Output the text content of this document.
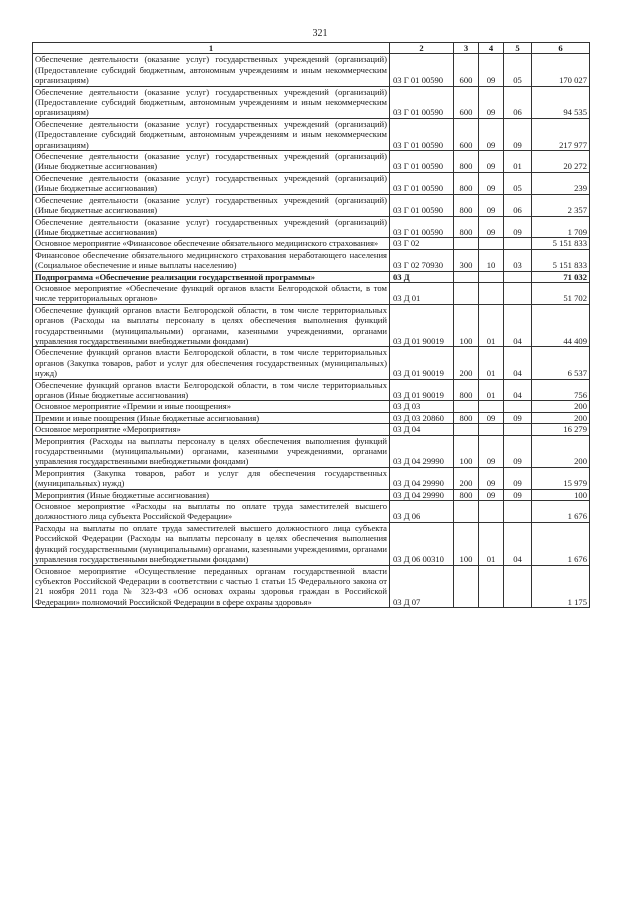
321
1	2	3	4	5	6
Обеспечение деятельности (оказание услуг) государственных учреждений (организаций) (Предоставление субсидий бюджетным, автономным учреждениям и иным некоммерческим организациям)	03 Г 01 00590	600	09	05	170 027
Обеспечение деятельности (оказание услуг) государственных учреждений (организаций) (Предоставление субсидий бюджетным, автономным учреждениям и иным некоммерческим организациям)	03 Г 01 00590	600	09	06	94 535
Обеспечение деятельности (оказание услуг) государственных учреждений (организаций) (Предоставление субсидий бюджетным, автономным учреждениям и иным некоммерческим организациям)	03 Г 01 00590	600	09	09	217 977
Обеспечение деятельности (оказание услуг) государственных учреждений (организаций) (Иные бюджетные ассигнования)	03 Г 01 00590	800	09	01	20 272
Обеспечение деятельности (оказание услуг) государственных учреждений (организаций) (Иные бюджетные ассигнования)	03 Г 01 00590	800	09	05	239
Обеспечение деятельности (оказание услуг) государственных учреждений (организаций) (Иные бюджетные ассигнования)	03 Г 01 00590	800	09	06	2 357
Обеспечение деятельности (оказание услуг) государственных учреждений (организаций) (Иные бюджетные ассигнования)	03 Г 01 00590	800	09	09	1 709
Основное мероприятие «Финансовое обеспечение обязательного медицинского страхования»	03 Г 02				5 151 833
Финансовое обеспечение обязательного медицинского страхования неработающего населения (Социальное обеспечение и иные выплаты населению)	03 Г 02 70930	300	10	03	5 151 833
Подпрограмма «Обеспечение реализации государственной программы»	03 Д				71 032
Основное мероприятие «Обеспечение функций органов власти Белгородской области, в том числе территориальных органов»	03 Д 01				51 702
Обеспечение функций органов власти Белгородской области, в том числе территориальных органов (Расходы на выплаты персоналу в целях обеспечения выполнения функций государственными (муниципальными) органами, казенными учреждениями, органами управления государственными внебюджетными фондами)	03 Д 01 90019	100	01	04	44 409
Обеспечение функций органов власти Белгородской области, в том числе территориальных органов (Закупка товаров, работ и услуг для обеспечения государственных (муниципальных) нужд)	03 Д 01 90019	200	01	04	6 537
Обеспечение функций органов власти Белгородской области, в том числе территориальных органов (Иные бюджетные ассигнования)	03 Д 01 90019	800	01	04	756
Основное мероприятие «Премии и иные поощрения»	03 Д 03				200
Премии и иные поощрения (Иные бюджетные ассигнования)	03 Д 03 20860	800	09	09	200
Основное мероприятие «Мероприятия»	03 Д 04				16 279
Мероприятия (Расходы на выплаты персоналу в целях обеспечения выполнения функций государственными (муниципальными) органами, казенными учреждениями, органами управления государственными внебюджетными фондами)	03 Д 04 29990	100	09	09	200
Мероприятия (Закупка товаров, работ и услуг для обеспечения государственных (муниципальных) нужд)	03 Д 04 29990	200	09	09	15 979
Мероприятия (Иные бюджетные ассигнования)	03 Д 04 29990	800	09	09	100
Основное мероприятие «Расходы на выплаты по оплате труда заместителей высшего должностного лица субъекта Российской Федерации»	03 Д 06				1 676
Расходы на выплаты по оплате труда заместителей высшего должностного лица субъекта Российской Федерации (Расходы на выплаты персоналу в целях обеспечения выполнения функций государственными (муниципальными) органами, казенными учреждениями, органами управления государственными внебюджетными фондами)	03 Д 06 00310	100	01	04	1 676
Основное мероприятие «Осуществление переданных органам государственной власти субъектов Российской Федерации в соответствии с частью 1 статьи 15 Федерального закона от 21 ноября 2011 года № 323-ФЗ «Об основах охраны здоровья граждан в Российской Федерации» полномочий Российской Федерации в сфере охраны здоровья»	03 Д 07				1 175
